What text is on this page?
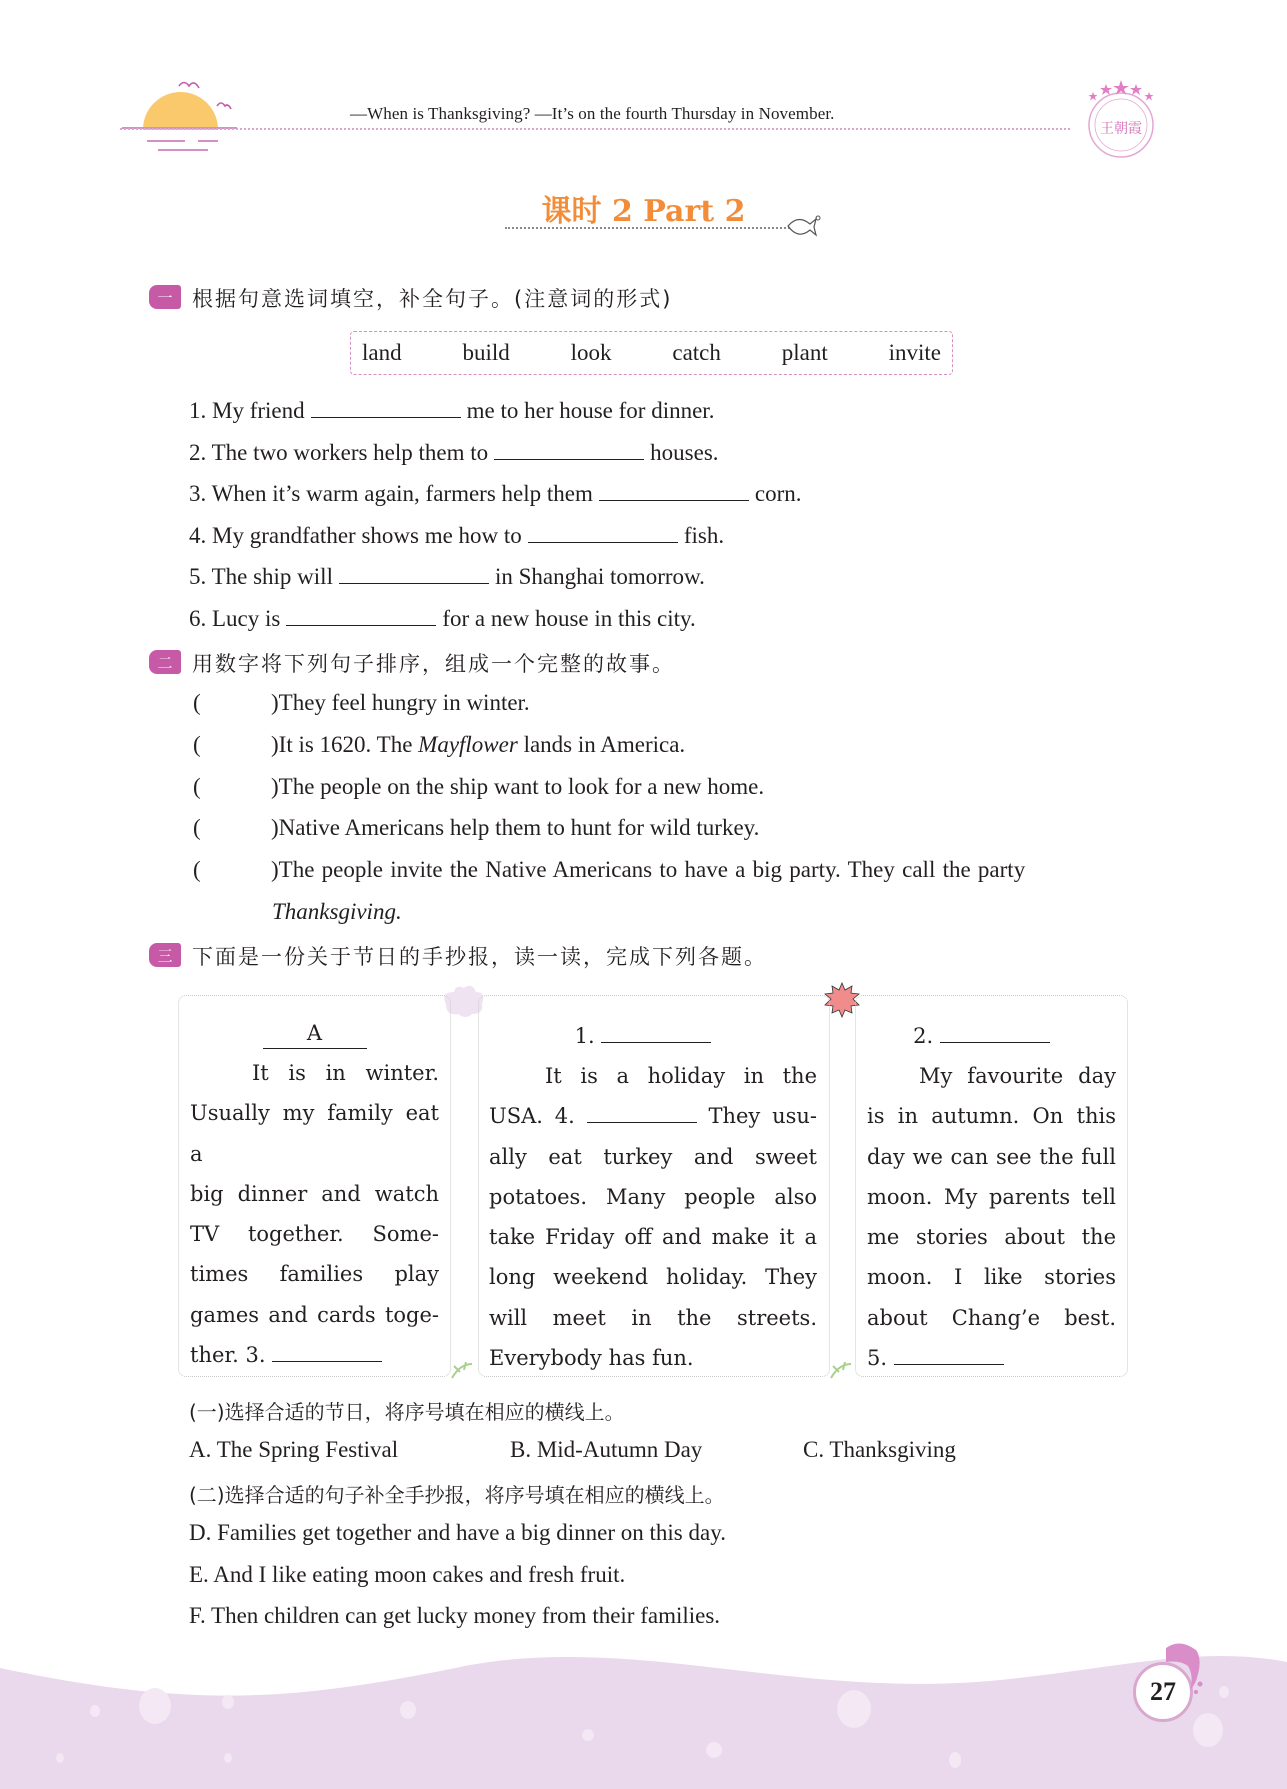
—When is Thanksgiving? —It’s on the fourth Thursday in November.
王朝霞
课时 2 Part 2
一 根据句意选词填空，补全句子。(注意词的形式)
land	build	look	catch	plant	invite
1. My friend	me to her house for dinner.
2. The two workers help them to	houses.
3. When it’s warm again, farmers help them	corn.
4. My grandfather shows me how to	fish.
5. The ship will	in Shanghai tomorrow.
6. Lucy is	for a new house in this city.
二 用数字将下列句子排序，组成一个完整的故事。
(	)They feel hungry in winter.
(	)It is 1620. The Mayflower lands in America.
(	)The people on the ship want to look for a new home.
(	)Native Americans help them to hunt for wild turkey.
(	)The people invite the Native Americans to have a big party. They call the party
Thanksgiving.
三 下面是一份关于节日的手抄报，读一读，完成下列各题。
A
It is in winter.
Usually my family eat a
big dinner and watch
TV together. Some-
times families play
games and cards toge-
ther. 3.
1.
It is a holiday in the
USA. 4.	They usu-
ally eat turkey and sweet
potatoes. Many people also
take Friday off and make it a
long weekend holiday. They
will meet in the streets.
Everybody has fun.
2.
My favourite day
is in autumn. On this
day we can see the full
moon. My parents tell
me stories about the
moon. I like stories
about Chang’e best.
5.
(一)选择合适的节日，将序号填在相应的横线上。
A. The Spring Festival	B. Mid-Autumn Day	C. Thanksgiving
(二)选择合适的句子补全手抄报，将序号填在相应的横线上。
D. Families get together and have a big dinner on this day.
E. And I like eating moon cakes and fresh fruit.
F. Then children can get lucky money from their families.
27
